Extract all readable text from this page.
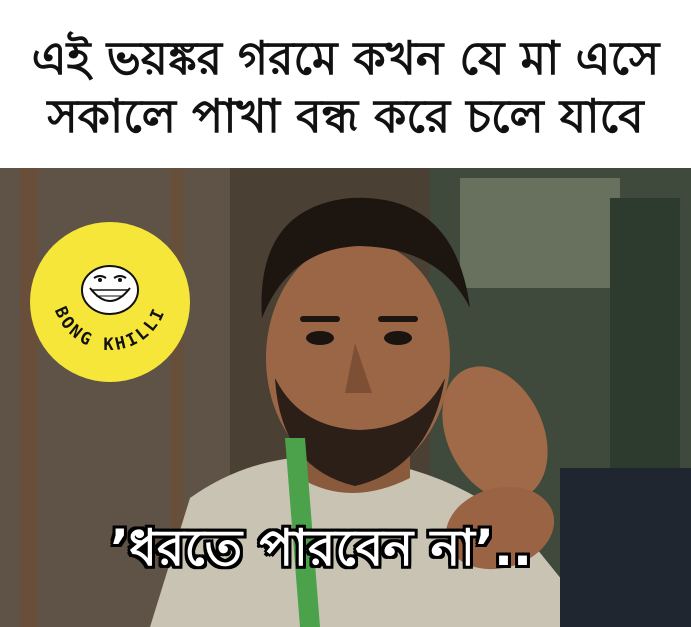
এই ভয়ঙ্কর গরমে কখন যে মা এসে
সকালে পাখা বন্ধ করে চলে যাবে
BONG KHILLI
’ধরতে পারবেন না’..
